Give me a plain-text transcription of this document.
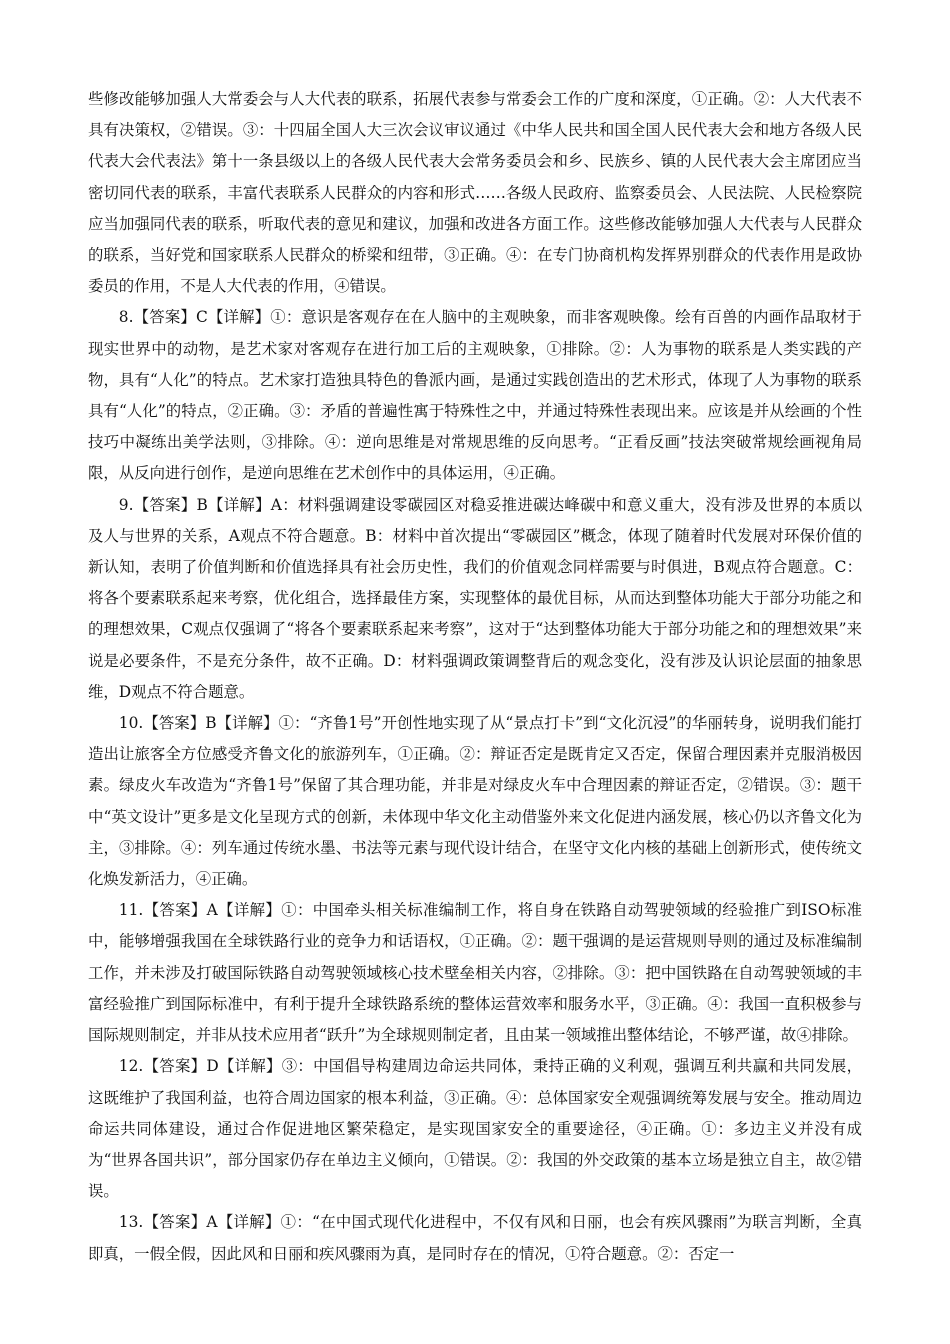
些修改能够加强人大常委会与人大代表的联系，拓展代表参与常委会工作的广度和深度，①正确。②：人大代表不具有决策权，②错误。③：十四届全国人大三次会议审议通过《中华人民共和国全国人民代表大会和地方各级人民代表大会代表法》第十一条县级以上的各级人民代表大会常务委员会和乡、民族乡、镇的人民代表大会主席团应当密切同代表的联系，丰富代表联系人民群众的内容和形式……各级人民政府、监察委员会、人民法院、人民检察院应当加强同代表的联系，听取代表的意见和建议，加强和改进各方面工作。这些修改能够加强人大代表与人民群众的联系，当好党和国家联系人民群众的桥梁和纽带，③正确。④：在专门协商机构发挥界别群众的代表作用是政协委员的作用，不是人大代表的作用，④错误。

8.【答案】C【详解】①：意识是客观存在在人脑中的主观映象，而非客观映像。绘有百兽的内画作品取材于现实世界中的动物，是艺术家对客观存在进行加工后的主观映象，①排除。②：人为事物的联系是人类实践的产物，具有“人化”的特点。艺术家打造独具特色的鲁派内画，是通过实践创造出的艺术形式，体现了人为事物的联系具有“人化”的特点，②正确。③：矛盾的普遍性寓于特殊性之中，并通过特殊性表现出来。应该是并从绘画的个性技巧中凝练出美学法则，③排除。④：逆向思维是对常规思维的反向思考。“正看反画”技法突破常规绘画视角局限，从反向进行创作，是逆向思维在艺术创作中的具体运用，④正确。

9.【答案】B【详解】A：材料强调建设零碳园区对稳妥推进碳达峰碳中和意义重大，没有涉及世界的本质以及人与世界的关系，A观点不符合题意。B：材料中首次提出“零碳园区”概念，体现了随着时代发展对环保价值的新认知，表明了价值判断和价值选择具有社会历史性，我们的价值观念同样需要与时俱进，B观点符合题意。C： 将各个要素联系起来考察，优化组合，选择最佳方案，实现整体的最优目标，从而达到整体功能大于部分功能之和的理想效果，C观点仅强调了“将各个要素联系起来考察”，这对于“达到整体功能大于部分功能之和的理想效果”来说是必要条件，不是充分条件，故不正确。D：材料强调政策调整背后的观念变化，没有涉及认识论层面的抽象思维，D观点不符合题意。

10.【答案】B【详解】①：“齐鲁1号”开创性地实现了从“景点打卡”到“文化沉浸”的华丽转身，说明我们能打造出让旅客全方位感受齐鲁文化的旅游列车，①正确。②：辩证否定是既肯定又否定，保留合理因素并克服消极因素。绿皮火车改造为“齐鲁1号”保留了其合理功能，并非是对绿皮火车中合理因素的辩证否定，②错误。③：题干中“英文设计”更多是文化呈现方式的创新，未体现中华文化主动借鉴外来文化促进内涵发展，核心仍以齐鲁文化为主，③排除。④：列车通过传统水墨、书法等元素与现代设计结合，在坚守文化内核的基础上创新形式，使传统文化焕发新活力，④正确。

11.【答案】A【详解】①：中国牵头相关标准编制工作，将自身在铁路自动驾驶领域的经验推广到ISO标准中，能够增强我国在全球铁路行业的竞争力和话语权，①正确。②：题干强调的是运营规则导则的通过及标准编制工作，并未涉及打破国际铁路自动驾驶领域核心技术壁垒相关内容，②排除。③：把中国铁路在自动驾驶领域的丰富经验推广到国际标准中，有利于提升全球铁路系统的整体运营效率和服务水平，③正确。④：我国一直积极参与国际规则制定，并非从技术应用者“跃升”为全球规则制定者，且由某一领域推出整体结论，不够严谨，故④排除。

12.【答案】D【详解】③：中国倡导构建周边命运共同体，秉持正确的义利观，强调互利共赢和共同发展，这既维护了我国利益，也符合周边国家的根本利益，③正确。④：总体国家安全观强调统筹发展与安全。推动周边命运共同体建设，通过合作促进地区繁荣稳定，是实现国家安全的重要途径，④正确。①：多边主义并没有成为“世界各国共识”，部分国家仍存在单边主义倾向，①错误。②：我国的外交政策的基本立场是独立自主，故②错误。

13.【答案】A【详解】①：“在中国式现代化进程中，不仅有风和日丽，也会有疾风骤雨”为联言判断，全真即真，一假全假，因此风和日丽和疾风骤雨为真，是同时存在的情况，①符合题意。②：否定一
